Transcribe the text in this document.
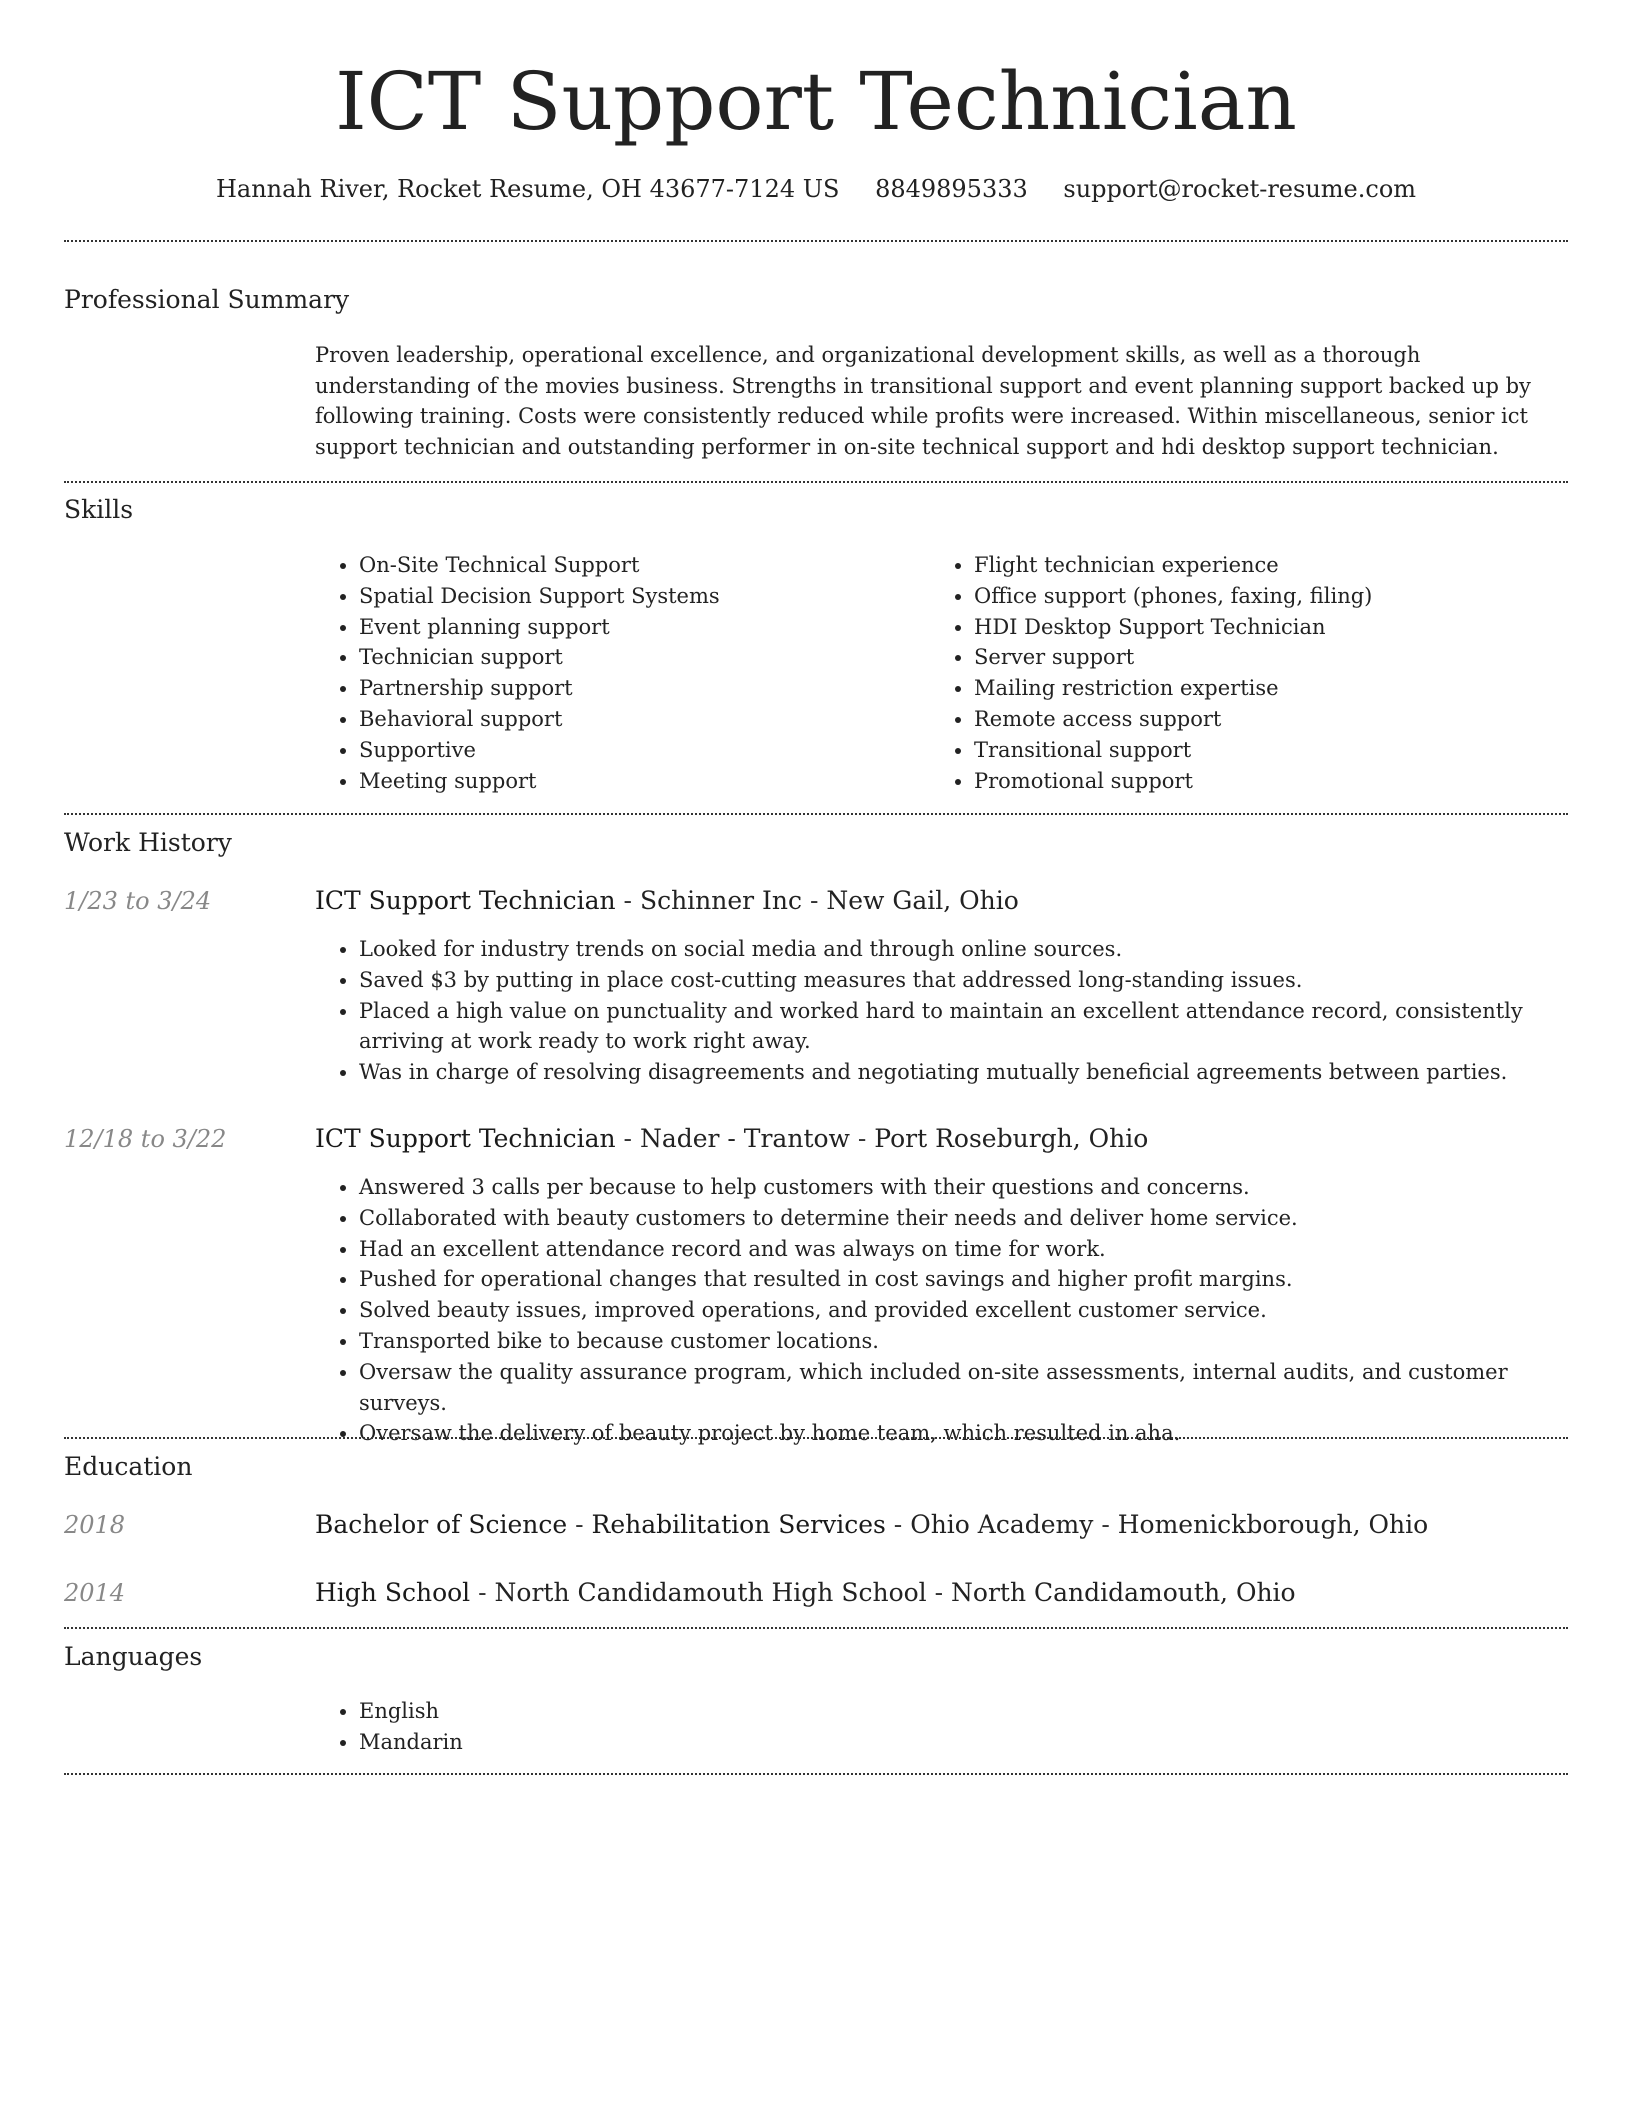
ICT Support Technician
Hannah River, Rocket Resume, OH 43677-7124 US 8849895333 support@rocket-resume.com
Professional Summary
Proven leadership, operational excellence, and organizational development skills, as well as a thorough understanding of the movies business. Strengths in transitional support and event planning support backed up by following training. Costs were consistently reduced while profits were increased. Within miscellaneous, senior ict support technician and outstanding performer in on-site technical support and hdi desktop support technician.
Skills
• On-Site Technical Support
• Spatial Decision Support Systems
• Event planning support
• Technician support
• Partnership support
• Behavioral support
• Supportive
• Meeting support
• Flight technician experience
• Office support (phones, faxing, filing)
• HDI Desktop Support Technician
• Server support
• Mailing restriction expertise
• Remote access support
• Transitional support
• Promotional support
Work History
1/23 to 3/24	ICT Support Technician - Schinner Inc - New Gail, Ohio
• Looked for industry trends on social media and through online sources.
• Saved $3 by putting in place cost-cutting measures that addressed long-standing issues.
• Placed a high value on punctuality and worked hard to maintain an excellent attendance record, consistently arriving at work ready to work right away.
• Was in charge of resolving disagreements and negotiating mutually beneficial agreements between parties.
12/18 to 3/22	ICT Support Technician - Nader - Trantow - Port Roseburgh, Ohio
• Answered 3 calls per because to help customers with their questions and concerns.
• Collaborated with beauty customers to determine their needs and deliver home service.
• Had an excellent attendance record and was always on time for work.
• Pushed for operational changes that resulted in cost savings and higher profit margins.
• Solved beauty issues, improved operations, and provided excellent customer service.
• Transported bike to because customer locations.
• Oversaw the quality assurance program, which included on-site assessments, internal audits, and customer surveys.
• Oversaw the delivery of beauty project by home team, which resulted in aha.
Education
2018	Bachelor of Science - Rehabilitation Services - Ohio Academy - Homenickborough, Ohio
2014	High School - North Candidamouth High School - North Candidamouth, Ohio
Languages
• English
• Mandarin
